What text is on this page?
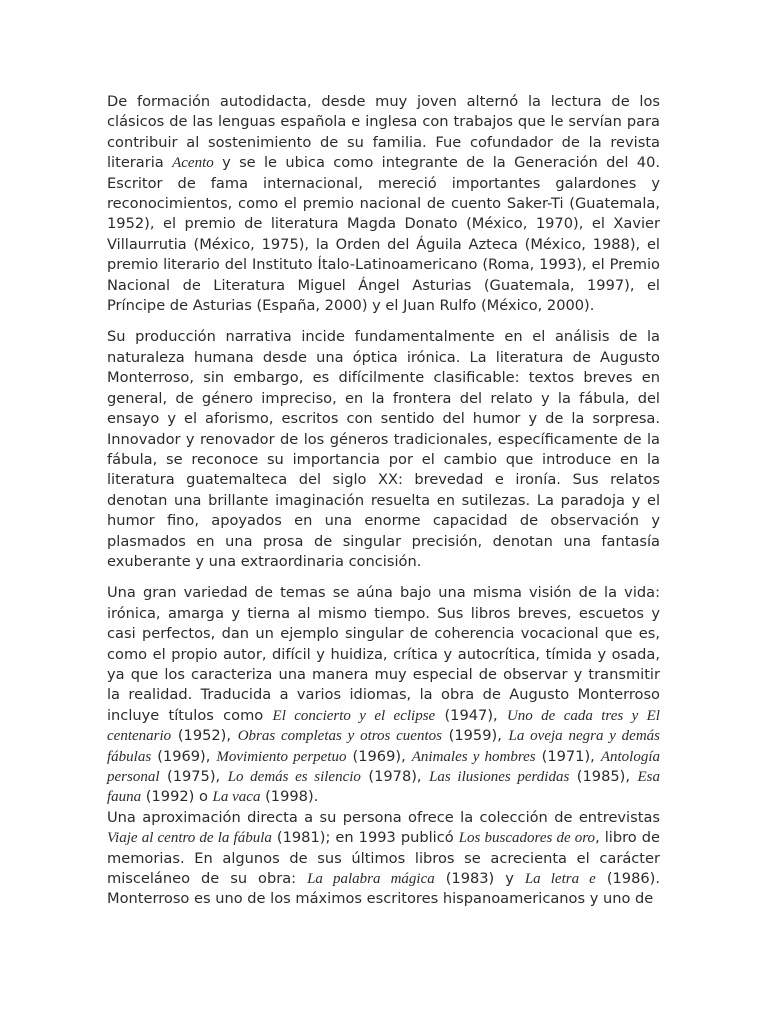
De formación autodidacta, desde muy joven alternó la lectura de los clásicos de las lenguas española e inglesa con trabajos que le servían para contribuir al sostenimiento de su familia. Fue cofundador de la revista literaria Acento y se le ubica como integrante de la Generación del 40. Escritor de fama internacional, mereció importantes galardones y reconocimientos, como el premio nacional de cuento Saker-Ti (Guatemala, 1952), el premio de literatura Magda Donato (México, 1970), el Xavier Villaurrutia (México, 1975), la Orden del Águila Azteca (México, 1988), el premio literario del Instituto Ítalo-Latinoamericano (Roma, 1993), el Premio Nacional de Literatura Miguel Ángel Asturias (Guatemala, 1997), el Príncipe de Asturias (España, 2000) y el Juan Rulfo (México, 2000).

Su producción narrativa incide fundamentalmente en el análisis de la naturaleza humana desde una óptica irónica. La literatura de Augusto Monterroso, sin embargo, es difícilmente clasificable: textos breves en general, de género impreciso, en la frontera del relato y la fábula, del ensayo y el aforismo, escritos con sentido del humor y de la sorpresa. Innovador y renovador de los géneros tradicionales, específicamente de la fábula, se reconoce su importancia por el cambio que introduce en la literatura guatemalteca del siglo XX: brevedad e ironía. Sus relatos denotan una brillante imaginación resuelta en sutilezas. La paradoja y el humor fino, apoyados en una enorme capacidad de observación y plasmados en una prosa de singular precisión, denotan una fantasía exuberante y una extraordinaria concisión.

Una gran variedad de temas se aúna bajo una misma visión de la vida: irónica, amarga y tierna al mismo tiempo. Sus libros breves, escuetos y casi perfectos, dan un ejemplo singular de coherencia vocacional que es, como el propio autor, difícil y huidiza, crítica y autocrítica, tímida y osada, ya que los caracteriza una manera muy especial de observar y transmitir la realidad. Traducida a varios idiomas, la obra de Augusto Monterroso incluye títulos como El concierto y el eclipse (1947), Uno de cada tres y El centenario (1952), Obras completas y otros cuentos (1959), La oveja negra y demás fábulas (1969), Movimiento perpetuo (1969), Animales y hombres (1971), Antología personal (1975), Lo demás es silencio (1978), Las ilusiones perdidas (1985), Esa fauna (1992) o La vaca (1998).

Una aproximación directa a su persona ofrece la colección de entrevistas Viaje al centro de la fábula (1981); en 1993 publicó Los buscadores de oro, libro de memorias. En algunos de sus últimos libros se acrecienta el carácter misceláneo de su obra: La palabra mágica (1983) y La letra e (1986). Monterroso es uno de los máximos escritores hispanoamericanos y uno de
